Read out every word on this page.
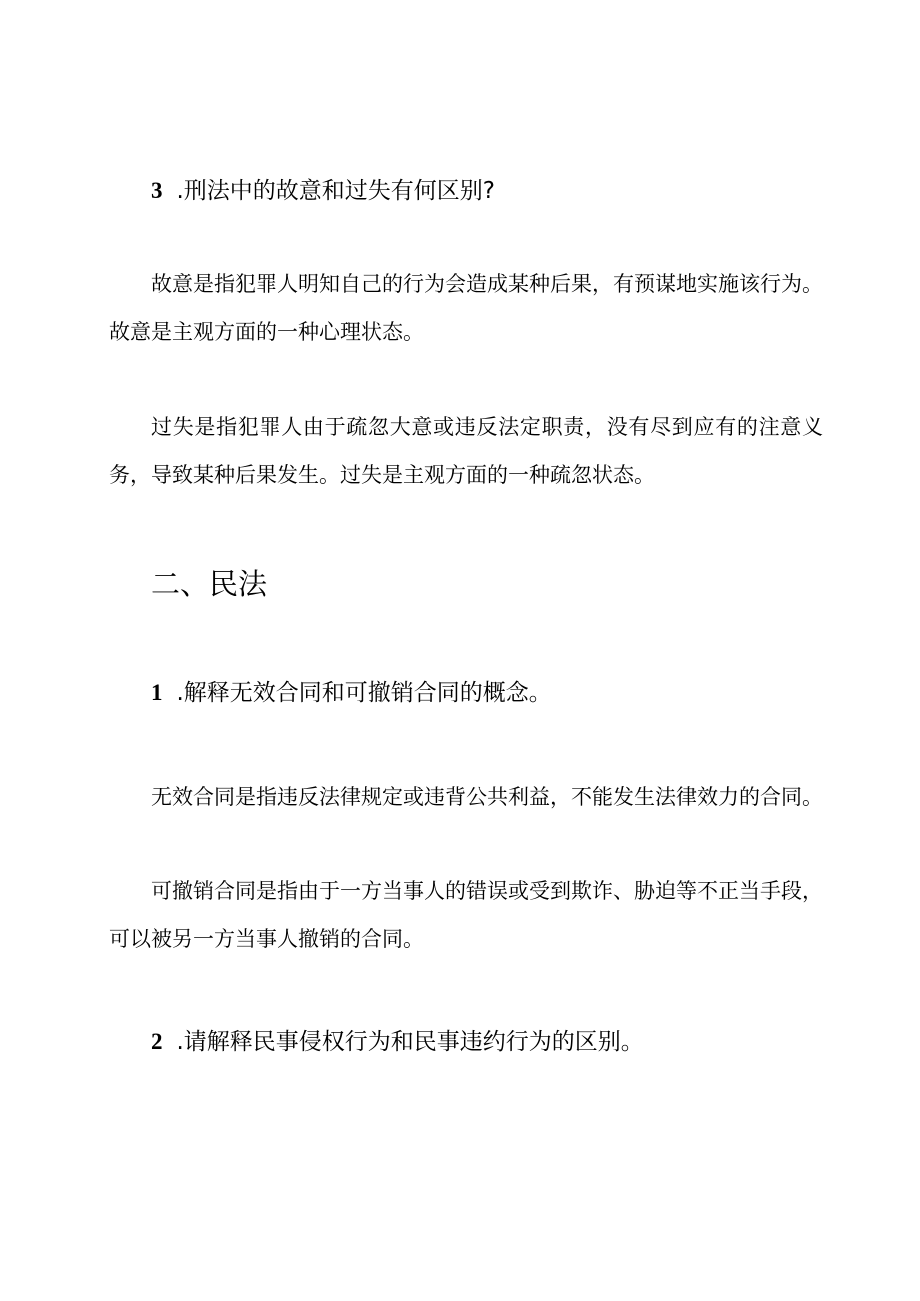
3 .刑法中的故意和过失有何区别?
故意是指犯罪人明知自己的行为会造成某种后果，有预谋地实施该行为。故意是主观方面的一种心理状态。
过失是指犯罪人由于疏忽大意或违反法定职责，没有尽到应有的注意义务，导致某种后果发生。过失是主观方面的一种疏忽状态。
二、民法
1 .解释无效合同和可撤销合同的概念。
无效合同是指违反法律规定或违背公共利益，不能发生法律效力的合同。
可撤销合同是指由于一方当事人的错误或受到欺诈、胁迫等不正当手段，可以被另一方当事人撤销的合同。
2 .请解释民事侵权行为和民事违约行为的区别。
